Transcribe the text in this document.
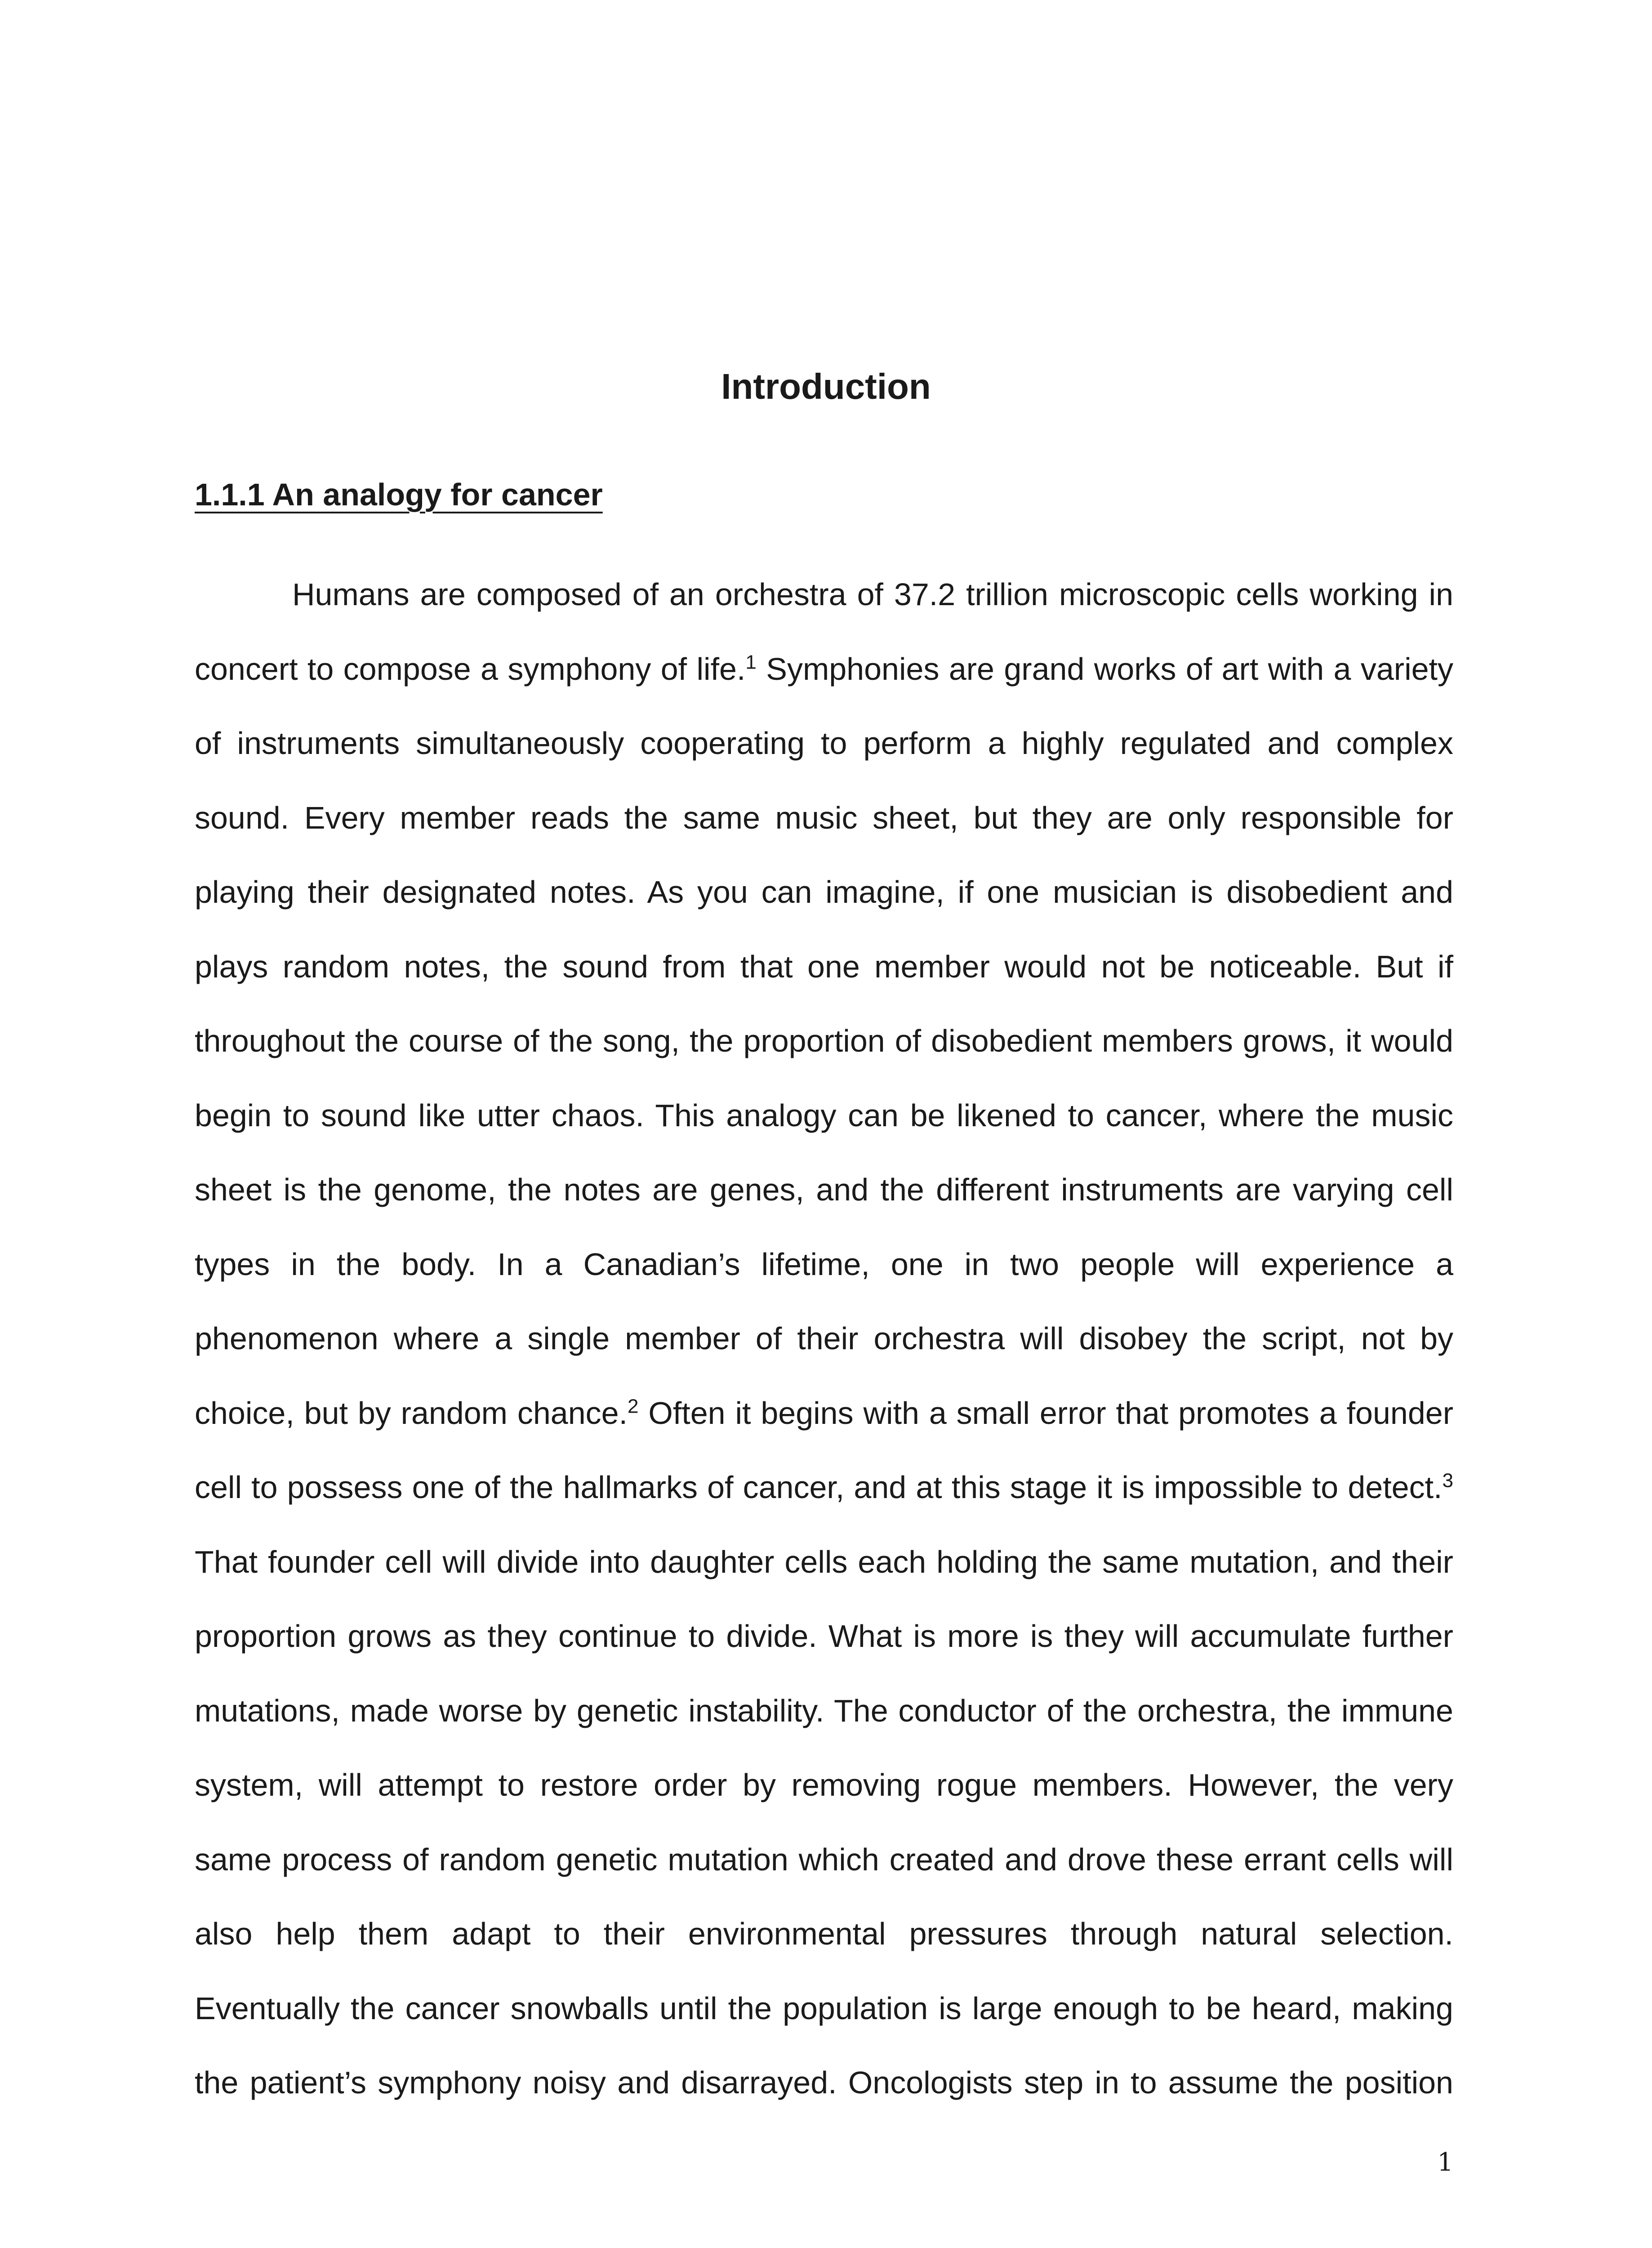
Introduction
1.1.1 An analogy for cancer
Humans are composed of an orchestra of 37.2 trillion microscopic cells working in
concert to compose a symphony of life.$^1$ Symphonies are grand works of art with a variety
of instruments simultaneously cooperating to perform a highly regulated and complex
sound. Every member reads the same music sheet, but they are only responsible for
playing their designated notes. As you can imagine, if one musician is disobedient and
plays random notes, the sound from that one member would not be noticeable. But if
throughout the course of the song, the proportion of disobedient members grows, it would
begin to sound like utter chaos. This analogy can be likened to cancer, where the music
sheet is the genome, the notes are genes, and the different instruments are varying cell
types in the body. In a Canadian’s lifetime, one in two people will experience a
phenomenon where a single member of their orchestra will disobey the script, not by
choice, but by random chance.$^2$ Often it begins with a small error that promotes a founder
cell to possess one of the hallmarks of cancer, and at this stage it is impossible to detect.$^3$
That founder cell will divide into daughter cells each holding the same mutation, and their
proportion grows as they continue to divide. What is more is they will accumulate further
mutations, made worse by genetic instability. The conductor of the orchestra, the immune
system, will attempt to restore order by removing rogue members. However, the very
same process of random genetic mutation which created and drove these errant cells will
also help them adapt to their environmental pressures through natural selection.
Eventually the cancer snowballs until the population is large enough to be heard, making
the patient’s symphony noisy and disarrayed. Oncologists step in to assume the position
1
